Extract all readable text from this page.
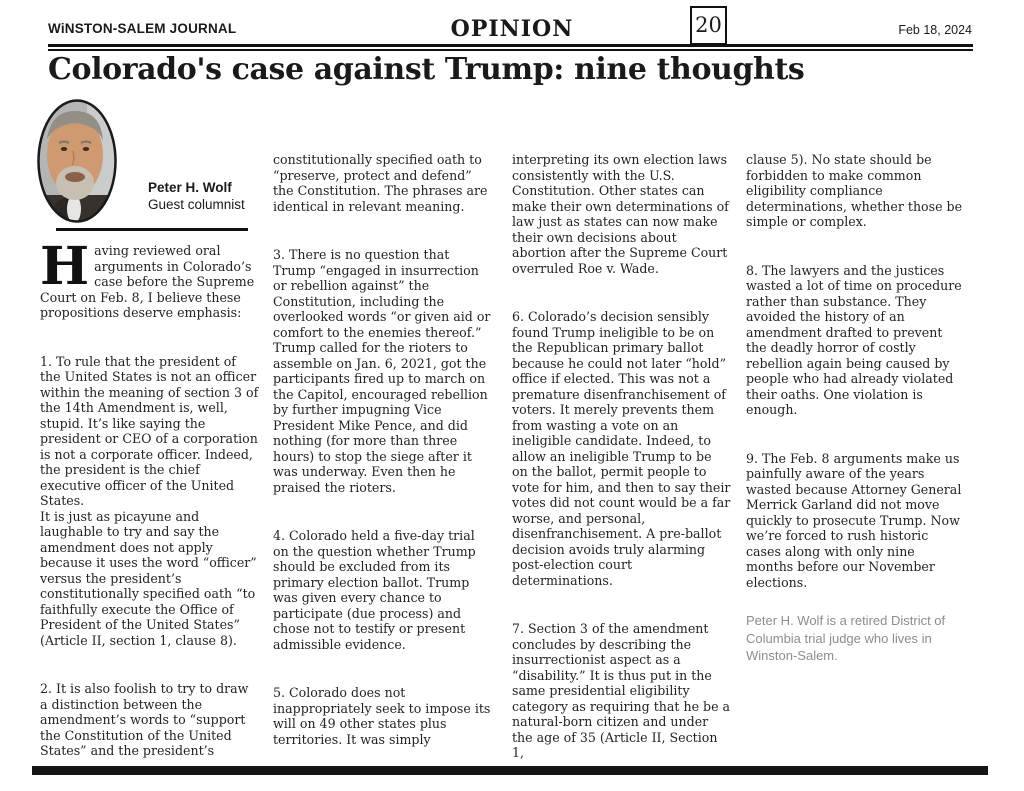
WiNSTON-SALEM JOURNAL	OPINION	20	Feb 18, 2024
Colorado's case against Trump: nine thoughts
Peter H. Wolf
Guest columnist

Having reviewed oral arguments in Colorado’s case before the Supreme Court on Feb. 8, I believe these propositions deserve emphasis:

1. To rule that the president of the United States is not an officer within the meaning of section 3 of the 14th Amendment is, well, stupid. It’s like saying the president or CEO of a corporation is not a corporate officer. Indeed, the president is the chief executive officer of the United States.

It is just as picayune and laughable to try and say the amendment does not apply because it uses the word “officer” versus the president’s constitutionally specified oath “to faithfully execute the Office of President of the United States” (Article II, section 1, clause 8).

2. It is also foolish to try to draw a distinction between the amendment’s words to “support the Constitution of the United States” and the president’s

constitutionally specified oath to “preserve, protect and defend” the Constitution. The phrases are identical in relevant meaning.

3. There is no question that Trump “engaged in insurrection or rebellion against” the Constitution, including the overlooked words “or given aid or comfort to the enemies thereof.” Trump called for the rioters to assemble on Jan. 6, 2021, got the participants fired up to march on the Capitol, encouraged rebellion by further impugning Vice President Mike Pence, and did nothing (for more than three hours) to stop the siege after it was underway. Even then he praised the rioters.

4. Colorado held a five-day trial on the question whether Trump should be excluded from its primary election ballot. Trump was given every chance to participate (due process) and chose not to testify or present admissible evidence.

5. Colorado does not inappropriately seek to impose its will on 49 other states plus territories. It was simply

interpreting its own election laws consistently with the U.S. Constitution. Other states can make their own determinations of law just as states can now make their own decisions about abortion after the Supreme Court overruled Roe v. Wade.

6. Colorado’s decision sensibly found Trump ineligible to be on the Republican primary ballot because he could not later “hold” office if elected. This was not a premature disenfranchisement of voters. It merely prevents them from wasting a vote on an ineligible candidate. Indeed, to allow an ineligible Trump to be on the ballot, permit people to vote for him, and then to say their votes did not count would be a far worse, and personal, disenfranchisement. A pre-ballot decision avoids truly alarming post-election court determinations.

7. Section 3 of the amendment concludes by describing the insurrectionist aspect as a “disability.” It is thus put in the same presidential eligibility category as requiring that he be a natural-born citizen and under the age of 35 (Article II, Section 1,

clause 5). No state should be forbidden to make common eligibility compliance determinations, whether those be simple or complex.

8. The lawyers and the justices wasted a lot of time on procedure rather than substance. They avoided the history of an amendment drafted to prevent the deadly horror of costly rebellion again being caused by people who had already violated their oaths. One violation is enough.

9. The Feb. 8 arguments make us painfully aware of the years wasted because Attorney General Merrick Garland did not move quickly to prosecute Trump. Now we’re forced to rush historic cases along with only nine months before our November elections.

Peter H. Wolf is a retired District of Columbia trial judge who lives in Winston-Salem.
